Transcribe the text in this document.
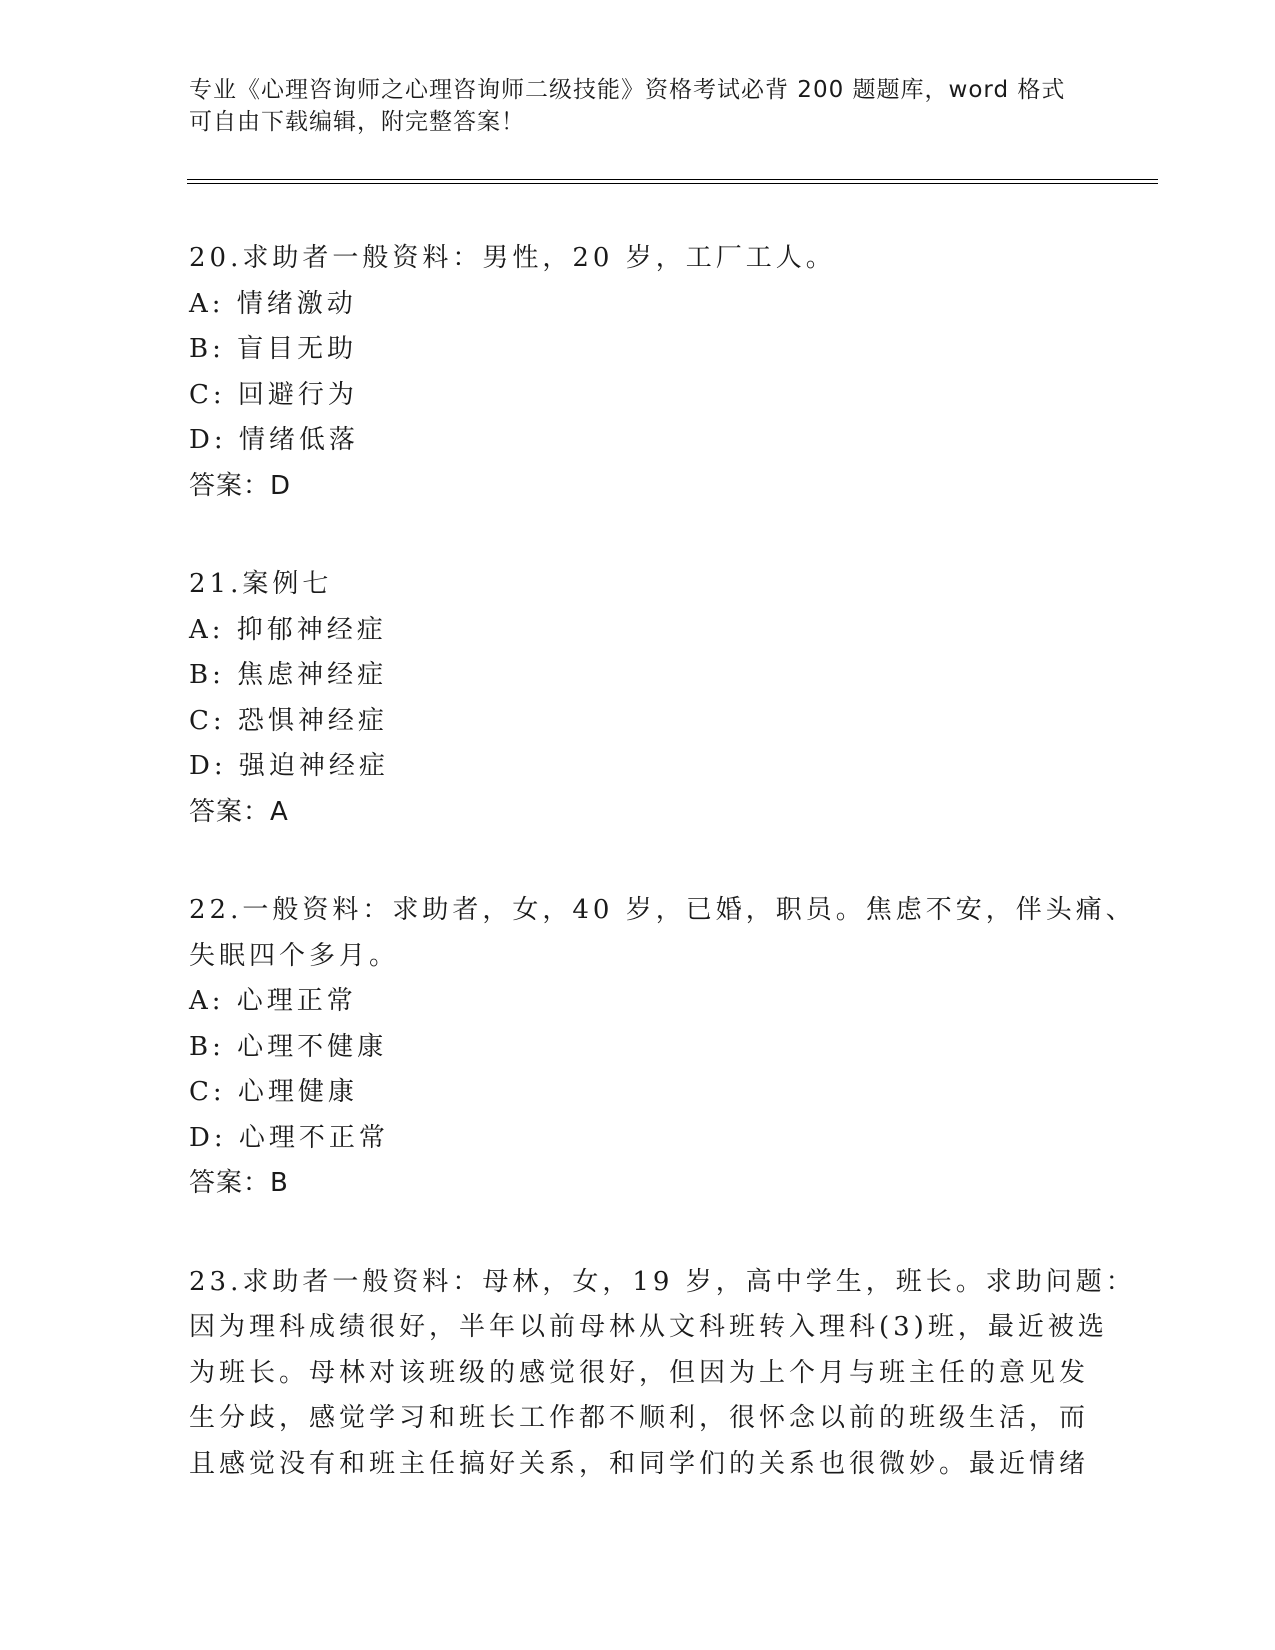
专业《心理咨询师之心理咨询师二级技能》资格考试必背 200 题题库，word 格式
可自由下载编辑，附完整答案！
20.求助者一般资料：男性，20 岁，工厂工人。
A: 情绪激动
B: 盲目无助
C: 回避行为
D: 情绪低落
答案：D
21.案例七
A: 抑郁神经症
B: 焦虑神经症
C: 恐惧神经症
D: 强迫神经症
答案：A
22.一般资料：求助者，女，40 岁，已婚，职员。焦虑不安，伴头痛、
失眠四个多月。
A: 心理正常
B: 心理不健康
C: 心理健康
D: 心理不正常
答案：B
23.求助者一般资料：母林，女，19 岁，高中学生，班长。求助问题：
因为理科成绩很好，半年以前母林从文科班转入理科(3)班，最近被选
为班长。母林对该班级的感觉很好，但因为上个月与班主任的意见发
生分歧，感觉学习和班长工作都不顺利，很怀念以前的班级生活，而
且感觉没有和班主任搞好关系，和同学们的关系也很微妙。最近情绪
